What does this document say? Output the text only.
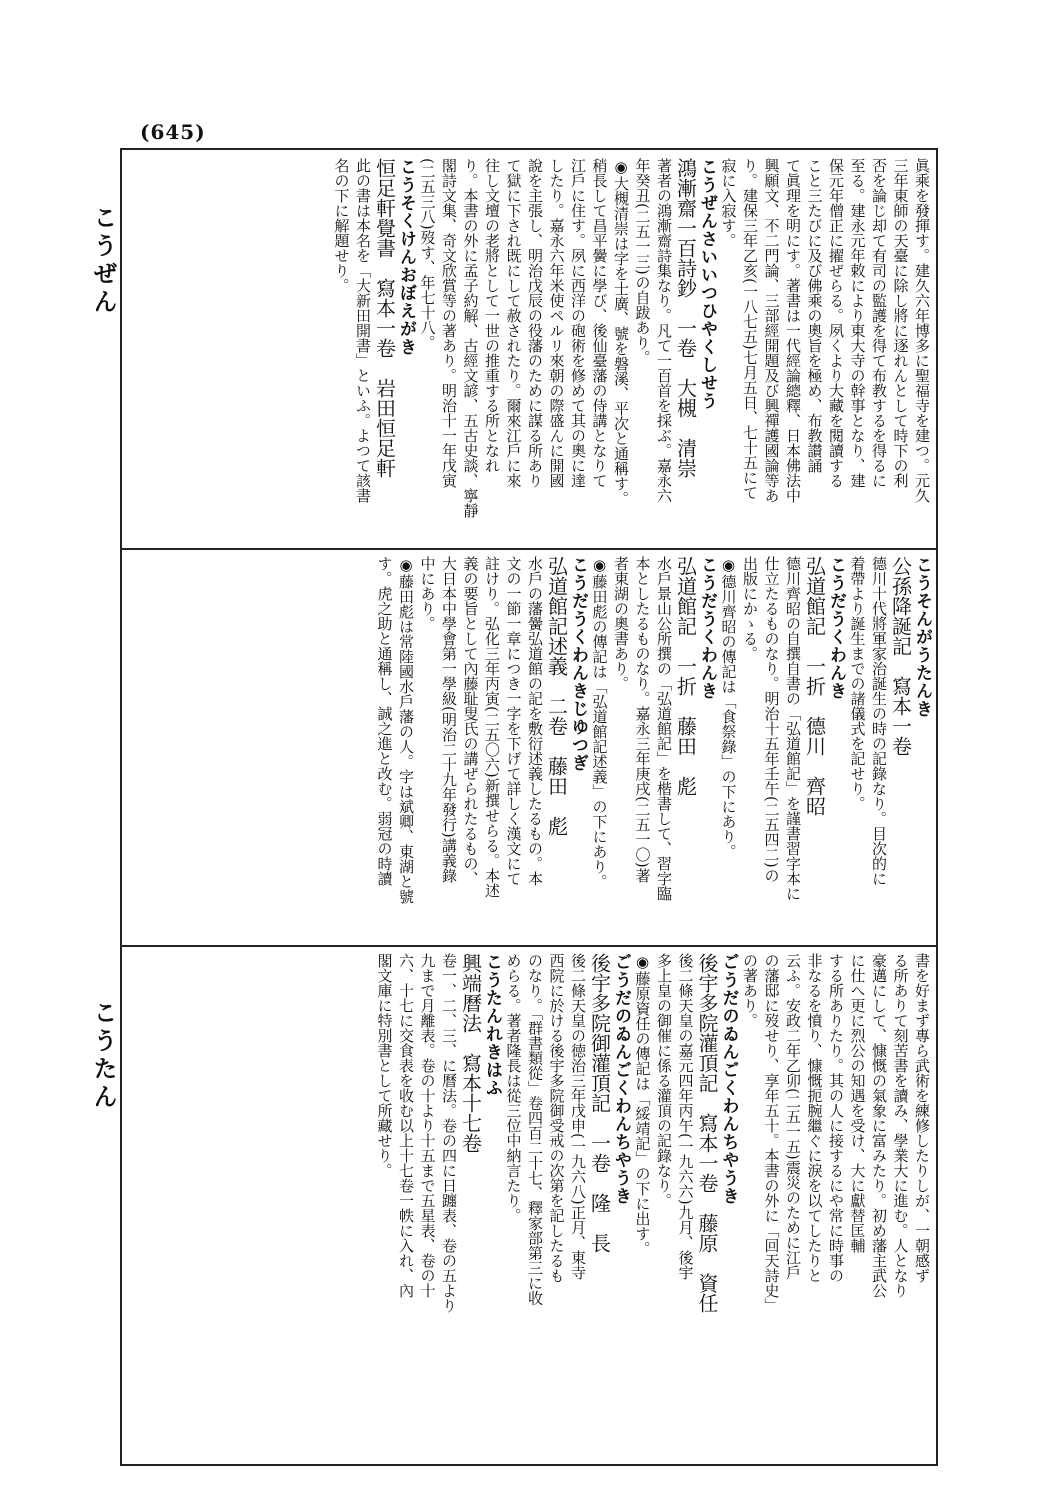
(645)
こうぜん
こうたん

眞乘を發揮す。建久六年博多に聖福寺を建つ。元久

三年東師の天臺に除し將に逐れんとして時下の利

否を論じ却て有司の監護を得て布教するを得るに

至る。建永元年敕により東大寺の幹事となり、建

保元年僧正に擢ぜらる。夙くより大藏を閱讀する

こと三たびに及び佛乘の奧旨を極め、布教讃誦

て眞理を明にす。著書は一代經論總釋、日本佛法中

興願文、不二門論、三部經開題及び興禪護國論等あ

り。建保三年乙亥(一八七五)七月五日、七十五にて

寂に入寂す。

こうぜんさいいつひやくしせう

鴻漸齋一百詩鈔　一卷　大槻　清崇

著者の鴻漸齋詩集なり。凡て一百首を採ぶ。嘉永六

年癸丑(二五一三)の自跋あり。

◉大槻清崇は字を士廣、號を磐溪、平次と通稱す。

稍長して昌平黌に學び、後仙臺藩の侍講となりて

江戶に住す。夙に西洋の砲術を修めて其の奧に達

したり。嘉永六年米使ペルリ來朝の際盛んに開國

說を主張し、明治戊辰の役藩のために謀る所あり

て獄に下され既にして赦されたり。爾來江戶に來

往し文壇の老將として一世の推重する所となれ

り。本書の外に孟子約解、古經文諺、五古史談、寧靜

閣詩文集、奇文欣賞等の著あり。明治十一年戊寅

(二五三八)歿す、年七十八。

こうそくけんおぼえがき

恒足軒覺書　寫本一卷　岩田恒足軒

此の書は本名を「大新田開書」といふ。よつて該書

名の下に解題せり。

こうそんがうたんき

公孫降誕記　寫本一卷

德川十代將軍家治誕生の時の記錄なり。目次的に

着帶より誕生までの諸儀式を記せり。

こうだうくわんき

弘道館記　一折　德川　齊昭

德川齊昭の自撰自書の「弘道館記」を謹書習字本に

仕立たるものなり。明治十五年壬午(二五四二)の

出版にかゝる。

◉德川齊昭の傳記は「食祭錄」の下にあり。

こうだうくわんき

弘道館記　一折　藤田　彪

水戶景山公所撰の「弘道館記」を楷書して、習字臨

本としたるものなり。嘉永三年庚戌(二五一〇)著

者東湖の奧書あり。

◉藤田彪の傳記は「弘道館記述義」の下にあり。

こうだうくわんきじゆつぎ

弘道館記述義　二卷　藤田　彪

水戶の藩黌弘道館の記を敷衍述義したるもの。本

文の一節一章につき一字を下げて詳しく漢文にて

註けり。弘化三年丙寅(二五〇六)新撰せらる。本述

義の要旨として內藤耻叟氏の講ぜられたるもの、

大日本中學會第一學級(明治二十九年發行)講義錄

中にあり。

◉藤田彪は常陸國水戶藩の人。字は斌卿、東湖と號

す。虎之助と通稱し、誠之進と改む。弱冠の時讀

書を好まず專ら武術を練修したりしが、一朝感ず

る所ありて刻苦書を讀み、學業大に進む。人となり

豪邁にして、慷慨の氣象に富みたり。初め藩主武公

に仕へ更に烈公の知遇を受け、大に獻替匡輔

する所ありたり。其の人に接するにや常に時事の

非なるを憤り、慷慨扼腕繼ぐに淚を以てしたりと

云ふ。安政二年乙卯(二五一五)震災のために江戶

の藩邸に歿せり、享年五十。本書の外に「回天詩史」

の著あり。

ごうだのゐんごくわんちやうき

後宇多院灌頂記　寫本一卷　藤原　資任

後二條天皇の嘉元四年丙午(一九六六)九月、後宇

多上皇の御催に係る灌頂の記錄なり。

◉藤原資任の傳記は「綏靖記」の下に出す。

ごうだのゐんごくわんちやうき

後宇多院御灌頂記　一卷　隆　長

後二條天皇の徳治三年戊申(一九六八)正月、東寺

西院に於ける後宇多院御受戒の次第を記したるも

のなり。「群書類從」卷四百二十七、釋家部第三に收

めらる。著者隆長は從三位中納言たり。

こうたんれきはふ

興端曆法　寫本十七卷

卷一、二、三、に曆法。卷の四に日躔表、卷の五より

九まで月離表。卷の十より十五まで五星表、卷の十

六、十七に交食表を收む以上十七卷一帙に入れ、內

閣文庫に特別書として所藏せり。
